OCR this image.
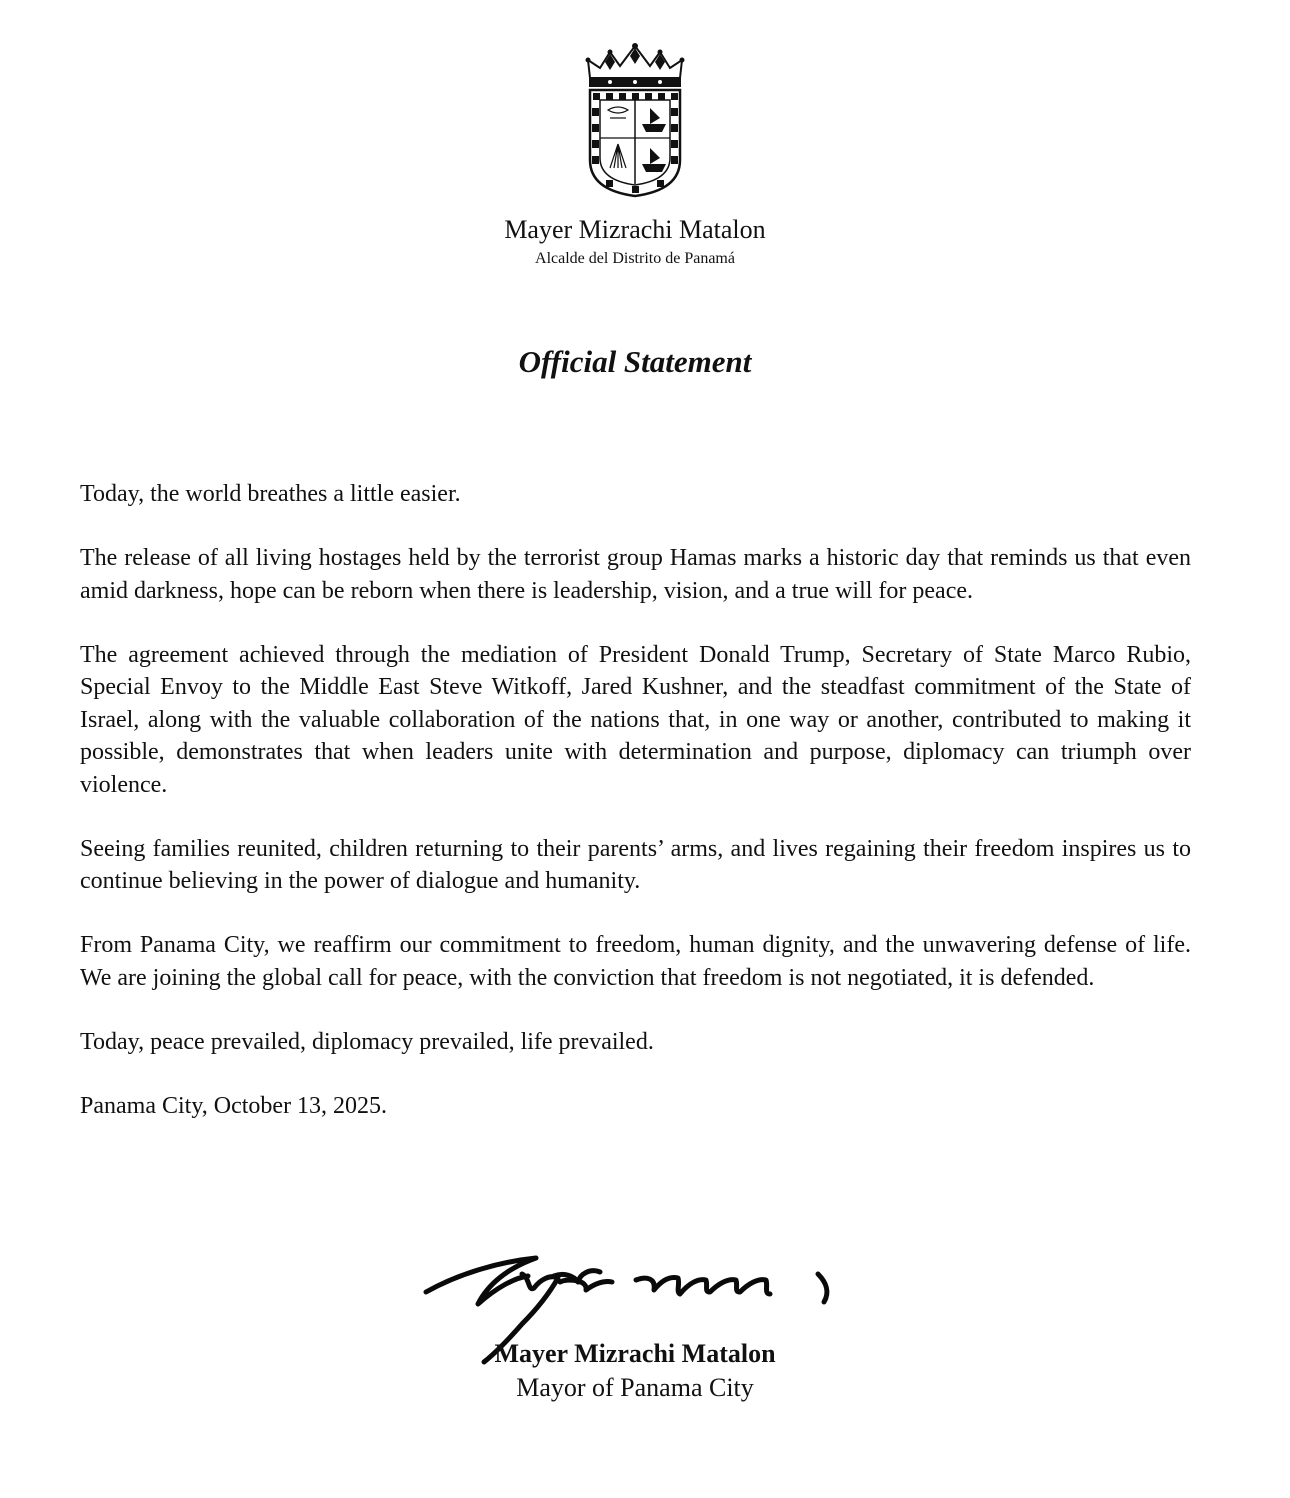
Mayer Mizrachi Matalon
Alcalde del Distrito de Panamá
Official Statement

Today, the world breathes a little easier.

The release of all living hostages held by the terrorist group Hamas marks a historic day that reminds us that even amid darkness, hope can be reborn when there is leadership, vision, and a true will for peace.

The agreement achieved through the mediation of President Donald Trump, Secretary of State Marco Rubio, Special Envoy to the Middle East Steve Witkoff, Jared Kushner, and the steadfast commitment of the State of Israel, along with the valuable collaboration of the nations that, in one way or another, contributed to making it possible, demonstrates that when leaders unite with determination and purpose, diplomacy can triumph over violence.

Seeing families reunited, children returning to their parents’ arms, and lives regaining their freedom inspires us to continue believing in the power of dialogue and humanity.

From Panama City, we reaffirm our commitment to freedom, human dignity, and the unwavering defense of life. We are joining the global call for peace, with the conviction that freedom is not negotiated, it is defended.

Today, peace prevailed, diplomacy prevailed, life prevailed.

Panama City, October 13, 2025.

Mayer Mizrachi Matalon
Mayor of Panama City
